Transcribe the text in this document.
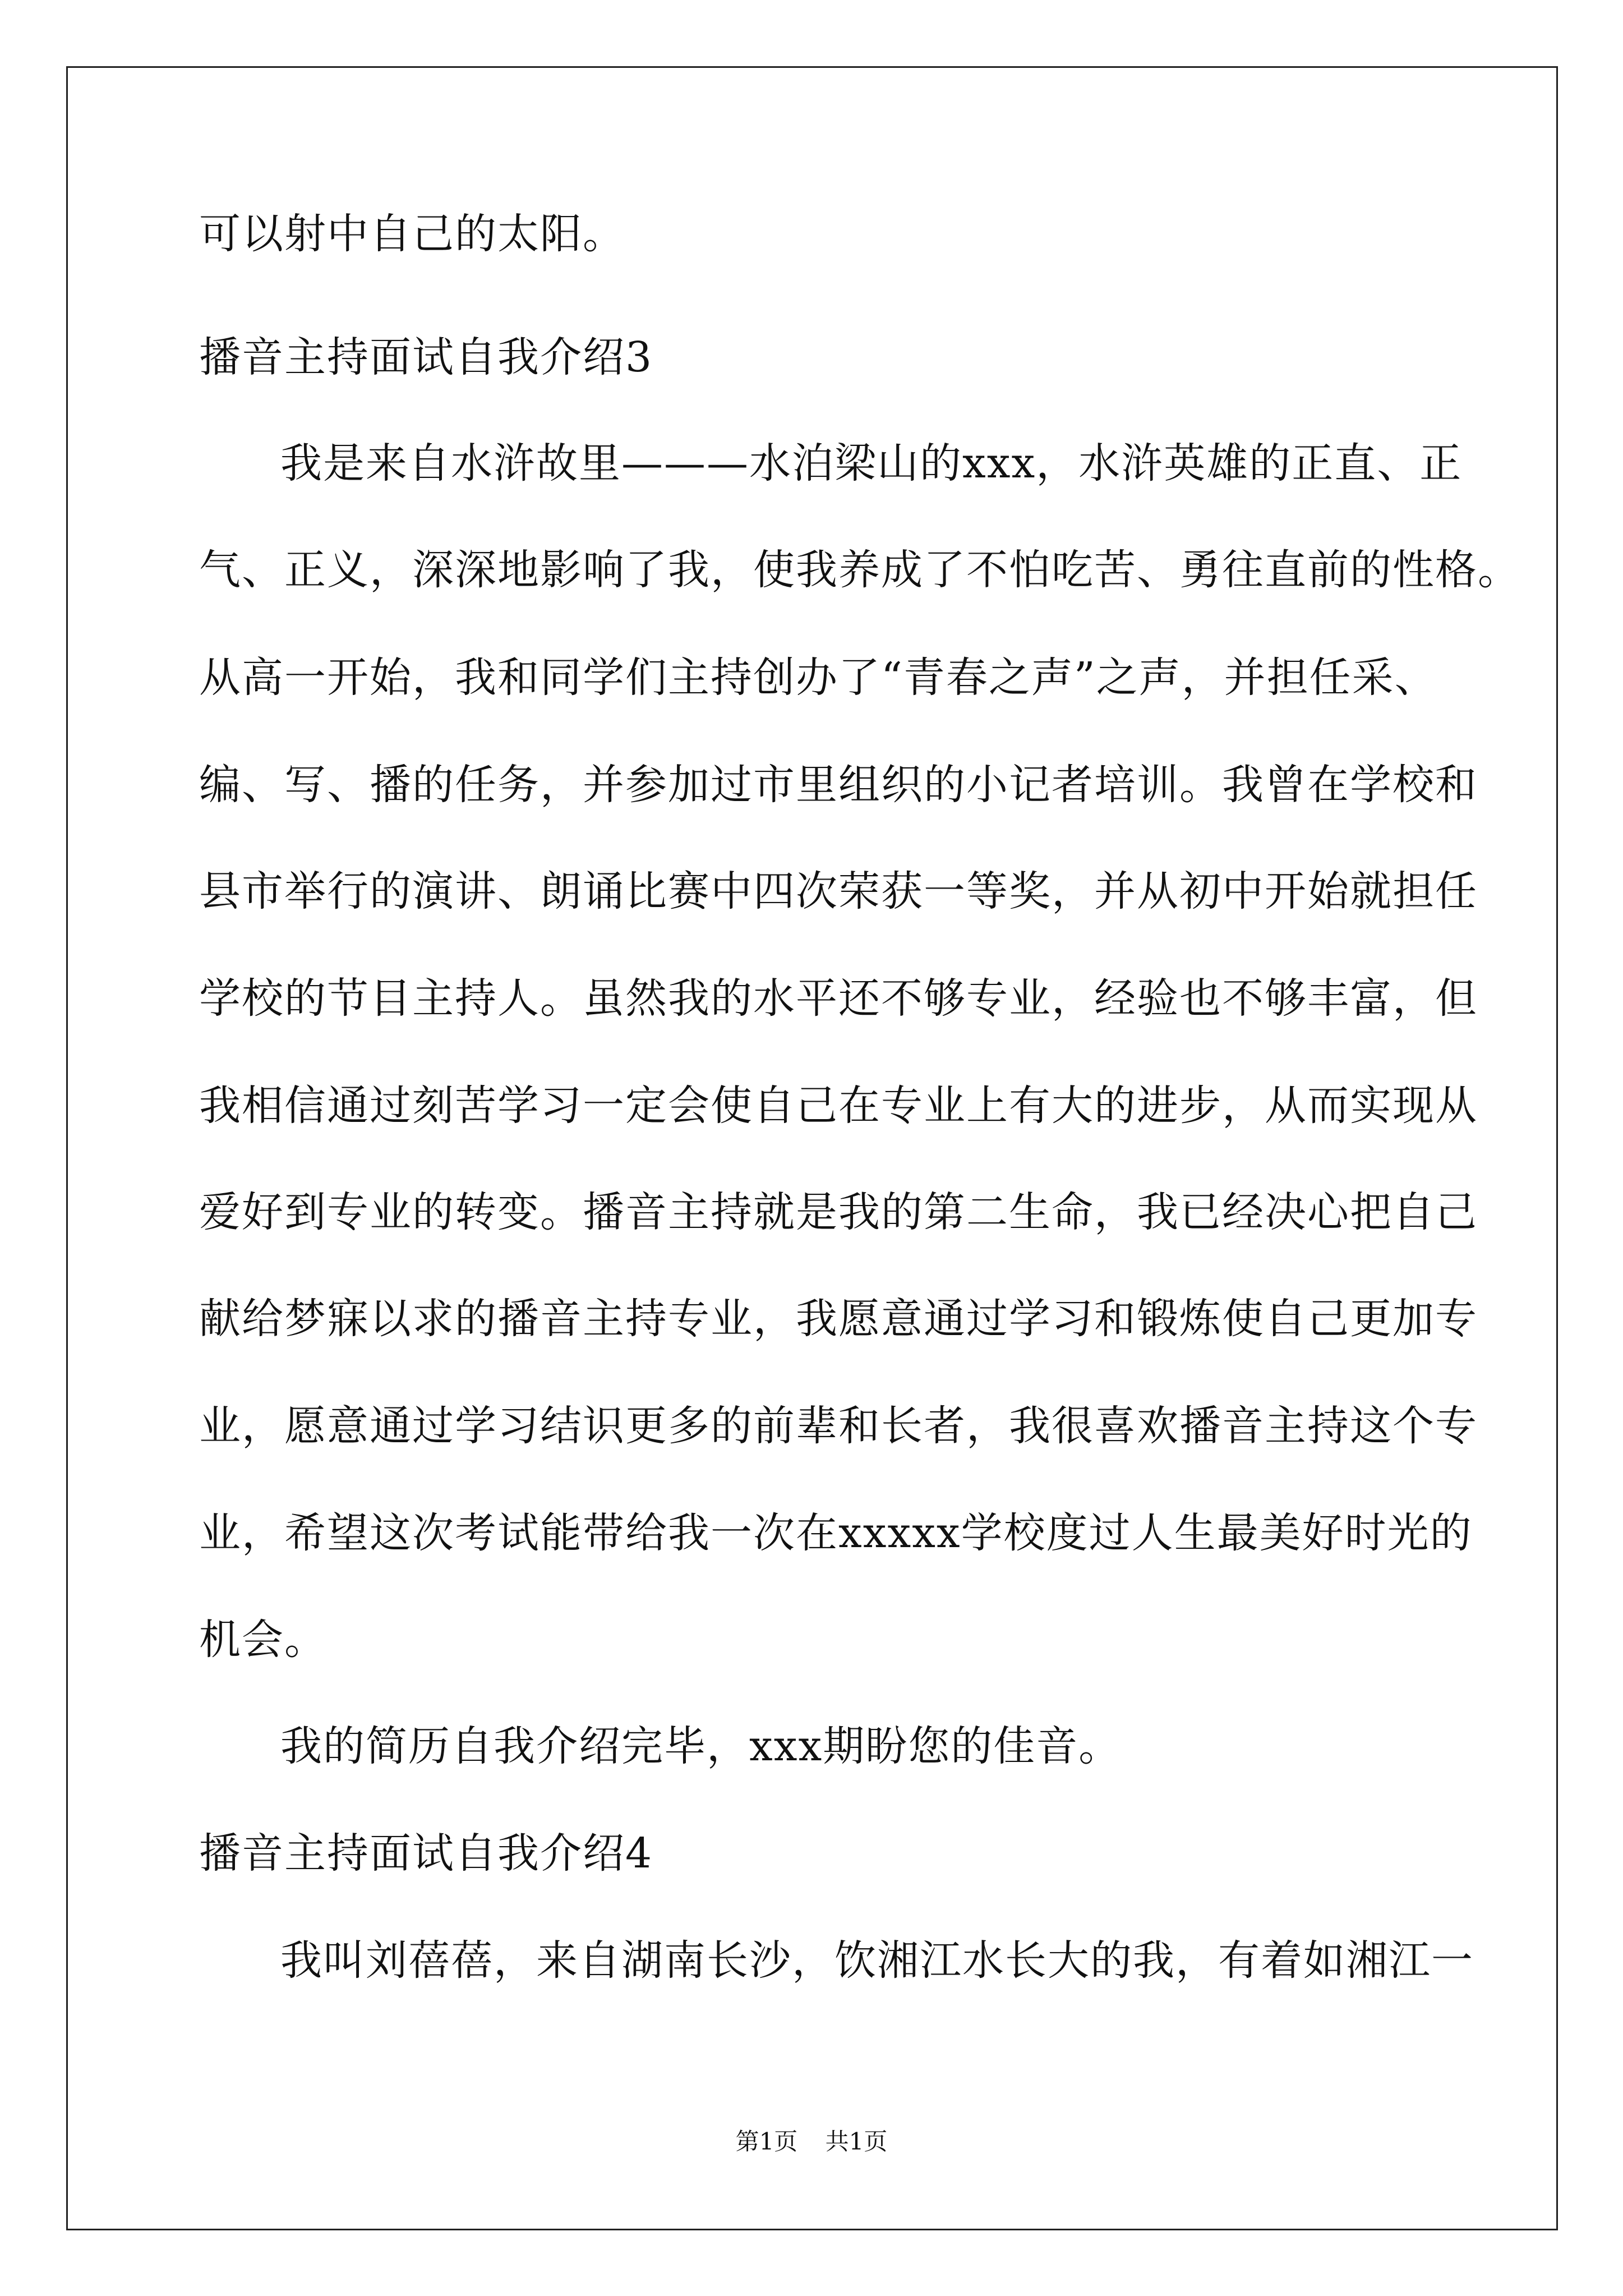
可以射中自己的太阳。
播音主持面试自我介绍3
我是来自水浒故里———水泊梁山的xxx，水浒英雄的正直、正
气、正义，深深地影响了我，使我养成了不怕吃苦、勇往直前的性格。
从高一开始，我和同学们主持创办了“青春之声”之声，并担任采、
编、写、播的任务，并参加过市里组织的小记者培训。我曾在学校和
县市举行的演讲、朗诵比赛中四次荣获一等奖，并从初中开始就担任
学校的节目主持人。虽然我的水平还不够专业，经验也不够丰富，但
我相信通过刻苦学习一定会使自己在专业上有大的进步，从而实现从
爱好到专业的转变。播音主持就是我的第二生命，我已经决心把自己
献给梦寐以求的播音主持专业，我愿意通过学习和锻炼使自己更加专
业，愿意通过学习结识更多的前辈和长者，我很喜欢播音主持这个专
业，希望这次考试能带给我一次在xxxxx学校度过人生最美好时光的
机会。
我的简历自我介绍完毕，xxx期盼您的佳音。
播音主持面试自我介绍4
我叫刘蓓蓓，来自湖南长沙，饮湘江水长大的我，有着如湘江一
第1页 共1页
